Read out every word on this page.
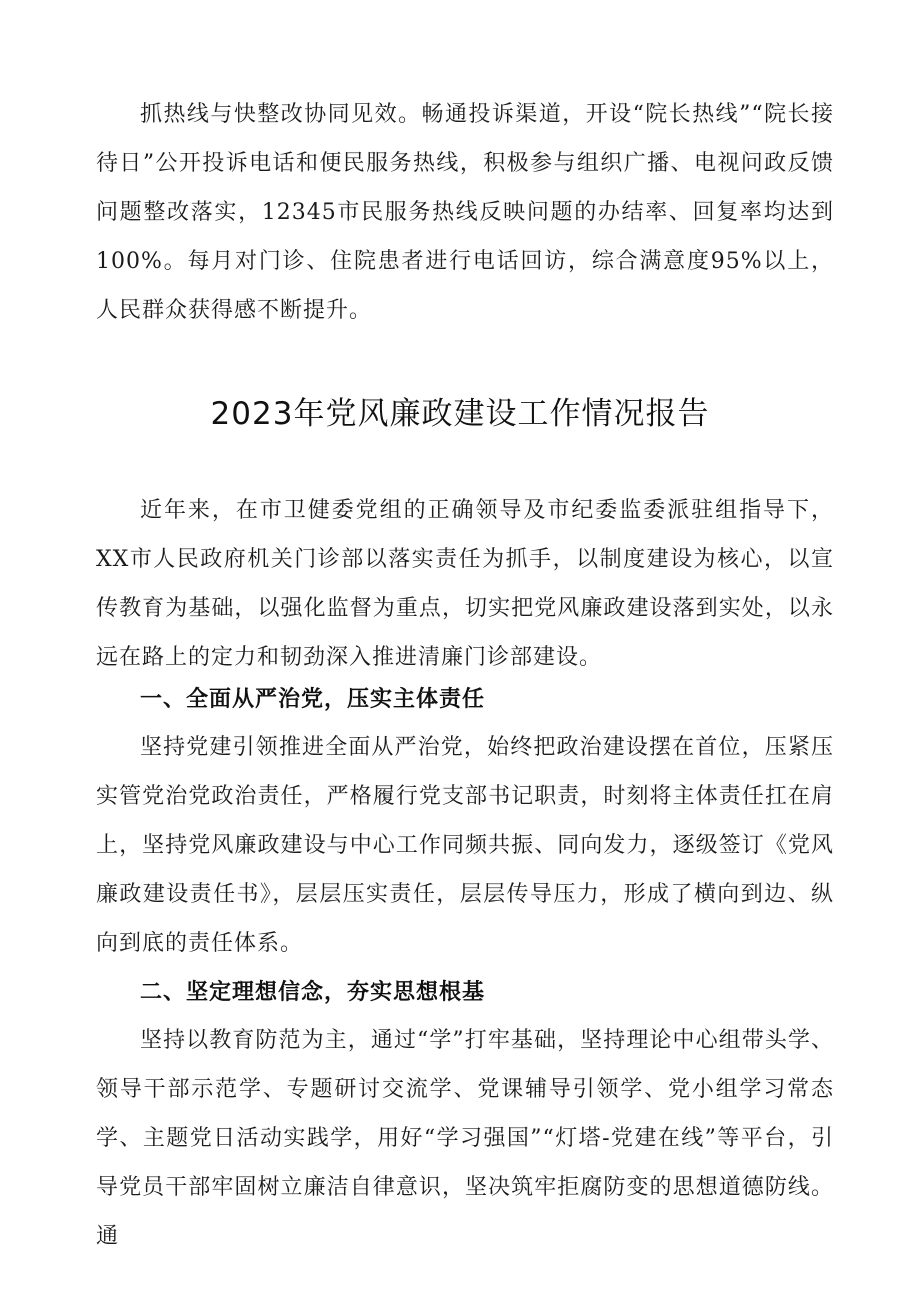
抓热线与快整改协同见效。畅通投诉渠道，开设“院长热线”“院长接待日”公开投诉电话和便民服务热线，积极参与组织广播、电视问政反馈问题整改落实，12345市民服务热线反映问题的办结率、回复率均达到100%。每月对门诊、住院患者进行电话回访，综合满意度95%以上，人民群众获得感不断提升。

2023年党风廉政建设工作情况报告

近年来，在市卫健委党组的正确领导及市纪委监委派驻组指导下，XX市人民政府机关门诊部以落实责任为抓手，以制度建设为核心，以宣传教育为基础，以强化监督为重点，切实把党风廉政建设落到实处，以永远在路上的定力和韧劲深入推进清廉门诊部建设。

一、全面从严治党，压实主体责任

坚持党建引领推进全面从严治党，始终把政治建设摆在首位，压紧压实管党治党政治责任，严格履行党支部书记职责，时刻将主体责任扛在肩上，坚持党风廉政建设与中心工作同频共振、同向发力，逐级签订《党风廉政建设责任书》，层层压实责任，层层传导压力，形成了横向到边、纵向到底的责任体系。

二、坚定理想信念，夯实思想根基

坚持以教育防范为主，通过“学”打牢基础，坚持理论中心组带头学、领导干部示范学、专题研讨交流学、党课辅导引领学、党小组学习常态学、主题党日活动实践学，用好“学习强国”“灯塔-党建在线”等平台，引导党员干部牢固树立廉洁自律意识，坚决筑牢拒腐防变的思想道德防线。通
